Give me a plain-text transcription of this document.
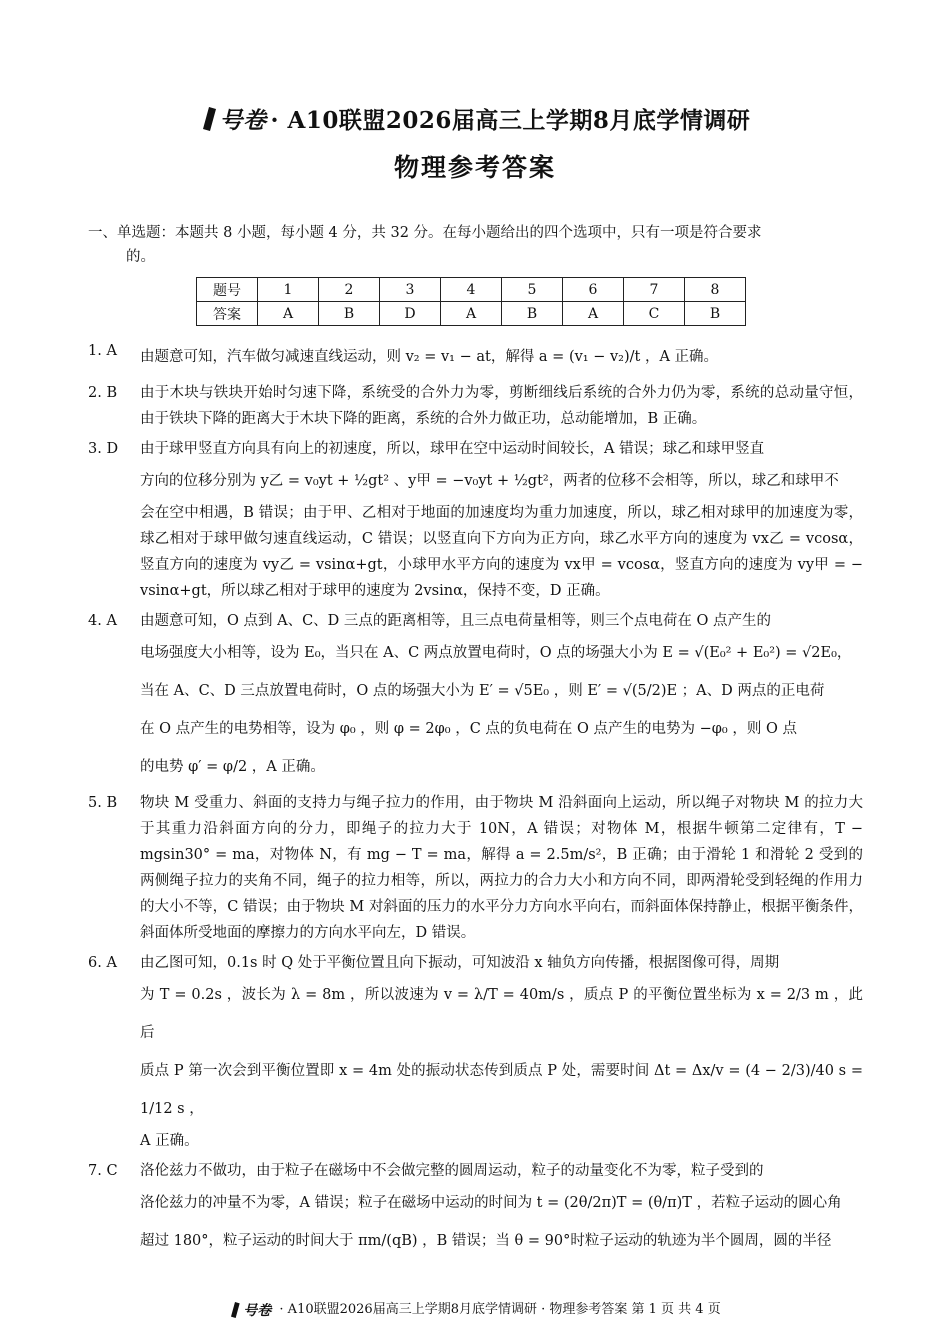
号卷 · A10联盟2026届高三上学期8月底学情调研
物理参考答案
一、单选题：本题共 8 小题，每小题 4 分，共 32 分。在每小题给出的四个选项中，只有一项是符合要求
的。
题号	1	2	3	4	5	6	7	8
答案	A	B	D	A	B	A	C	B
1. A	由题意可知，汽车做匀减速直线运动，则 v₂ = v₁ − at，解得 a = (v₁ − v₂)/t ，A 正确。
2. B	由于木块与铁块开始时匀速下降，系统受的合外力为零，剪断细线后系统的合外力仍为零，系统的总动量守恒，由于铁块下降的距离大于木块下降的距离，系统的合外力做正功，总动能增加，B 正确。
3. D	由于球甲竖直方向具有向上的初速度，所以，球甲在空中运动时间较长，A 错误；球乙和球甲竖直

方向的位移分别为 y乙 = v₀yt + ½gt² 、y甲 = −v₀yt + ½gt²，两者的位移不会相等，所以，球乙和球甲不

会在空中相遇，B 错误；由于甲、乙相对于地面的加速度均为重力加速度，所以，球乙相对球甲的加速度为零，球乙相对于球甲做匀速直线运动，C 错误；以竖直向下方向为正方向，球乙水平方向的速度为 vx乙 = vcosα，竖直方向的速度为 vy乙 = vsinα+gt，小球甲水平方向的速度为 vx甲 = vcosα，竖直方向的速度为 vy甲 = − vsinα+gt，所以球乙相对于球甲的速度为 2vsinα，保持不变，D 正确。

4. A	由题意可知，O 点到 A、C、D 三点的距离相等，且三点电荷量相等，则三个点电荷在 O 点产生的

电场强度大小相等，设为 E₀，当只在 A、C 两点放置电荷时，O 点的场强大小为 E = √(E₀² + E₀²) = √2E₀，

当在 A、C、D 三点放置电荷时，O 点的场强大小为 E′ = √5E₀ ，则 E′ = √(5/2)E ；A、D 两点的正电荷

在 O 点产生的电势相等，设为 φ₀ ，则 φ = 2φ₀ ，C 点的负电荷在 O 点产生的电势为 −φ₀ ，则 O 点

的电势 φ′ = φ/2 ，A 正确。

5. B	物块 M 受重力、斜面的支持力与绳子拉力的作用，由于物块 M 沿斜面向上运动，所以绳子对物块 M 的拉力大于其重力沿斜面方向的分力，即绳子的拉力大于 10N，A 错误；对物体 M，根据牛顿第二定律有，T − mgsin30° = ma，对物体 N，有 mg − T = ma，解得 a = 2.5m/s²，B 正确；由于滑轮 1 和滑轮 2 受到的两侧绳子拉力的夹角不同，绳子的拉力相等，所以，两拉力的合力大小和方向不同，即两滑轮受到轻绳的作用力的大小不等，C 错误；由于物块 M 对斜面的压力的水平分力方向水平向右，而斜面体保持静止，根据平衡条件，斜面体所受地面的摩擦力的方向水平向左，D 错误。
6. A	由乙图可知，0.1s 时 Q 处于平衡位置且向下振动，可知波沿 x 轴负方向传播，根据图像可得，周期

为 T = 0.2s ，波长为 λ = 8m ，所以波速为 v = λ/T = 40m/s ，质点 P 的平衡位置坐标为 x = 2/3 m ，此后

质点 P 第一次会到平衡位置即 x = 4m 处的振动状态传到质点 P 处，需要时间 Δt = Δx/v = (4 − 2/3)/40 s = 1/12 s ，

A 正确。

7. C	洛伦兹力不做功，由于粒子在磁场中不会做完整的圆周运动，粒子的动量变化不为零，粒子受到的

洛伦兹力的冲量不为零，A 错误；粒子在磁场中运动的时间为 t = (2θ/2π)T = (θ/π)T ，若粒子运动的圆心角

超过 180°，粒子运动的时间大于 πm/(qB) ，B 错误；当 θ = 90°时粒子运动的轨迹为半个圆周，圆的半径

号卷 · A10联盟2026届高三上学期8月底学情调研 · 物理参考答案 第 1 页 共 4 页
